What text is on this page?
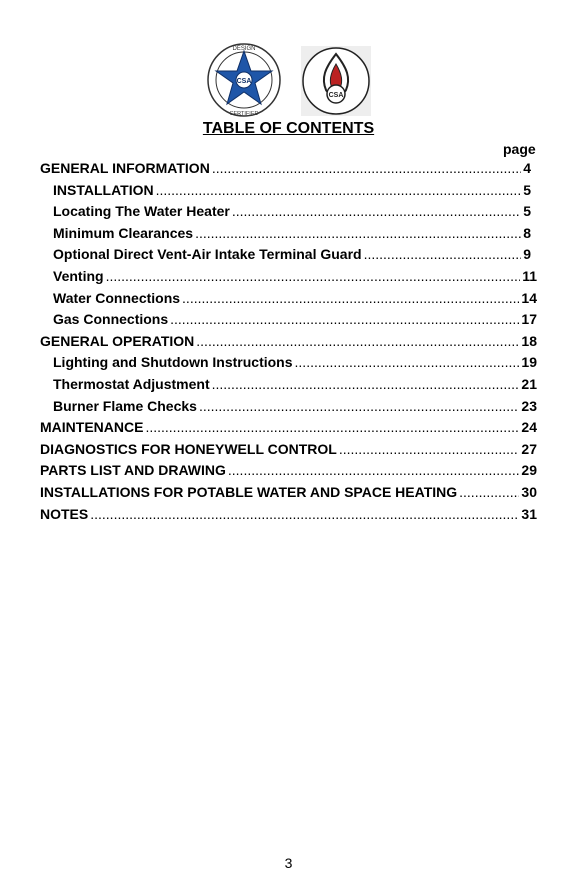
CSA
DESIGN
CERTIFIED
CSA
TABLE OF CONTENTS
page
GENERAL INFORMATION .....	4
INSTALLATION .....	5
Locating The Water Heater .....	5
Minimum Clearances .....	8
Optional Direct Vent-Air Intake Terminal Guard .....	9
Venting .....	11
Water Connections .....	14
Gas Connections .....	17
GENERAL OPERATION .....	18
Lighting and Shutdown Instructions .....	19
Thermostat Adjustment .....	21
Burner Flame Checks .....	23
MAINTENANCE .....	24
DIAGNOSTICS FOR HONEYWELL CONTROL .....	27
PARTS LIST AND DRAWING .....	29
INSTALLATIONS FOR POTABLE WATER AND SPACE HEATING .....	30
NOTES .....	31
3
